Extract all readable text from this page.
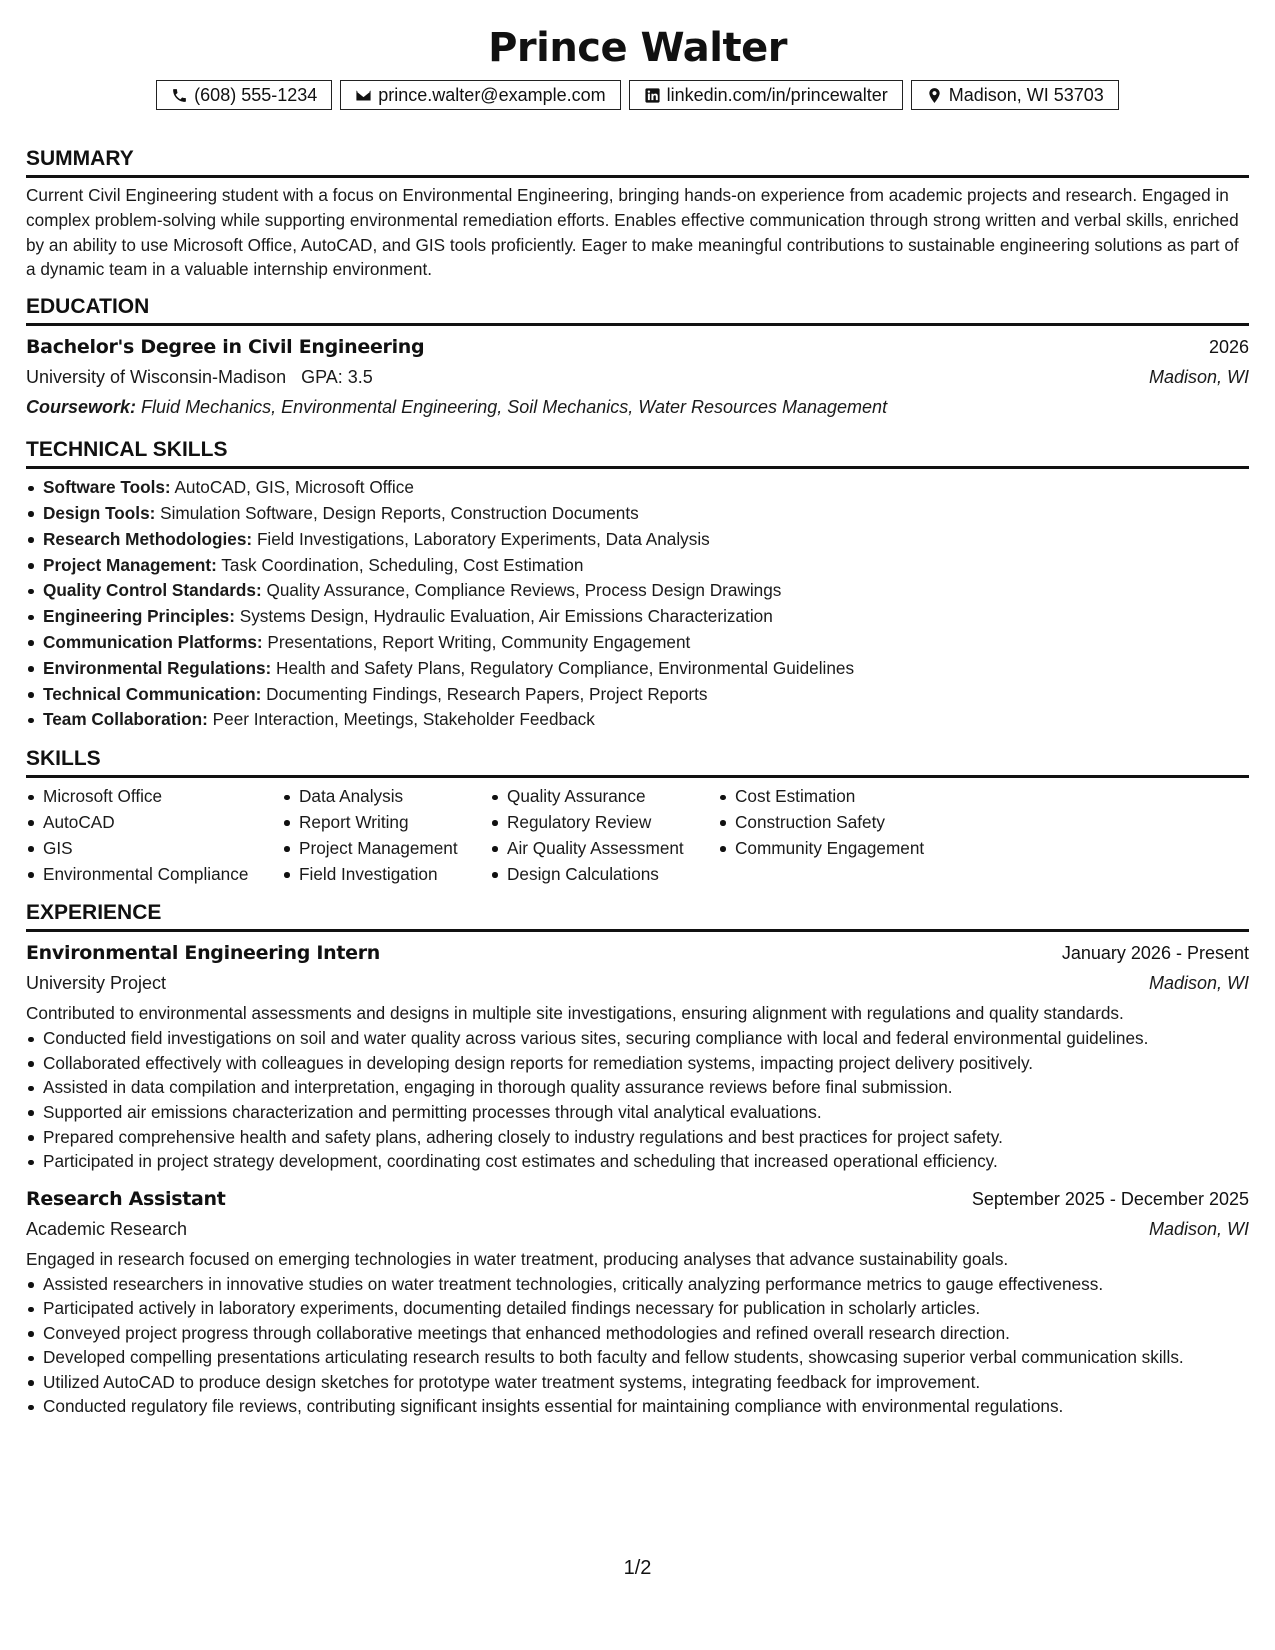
Prince Walter
(608) 555-1234	prince.walter@example.com	linkedin.com/in/princewalter	Madison, WI 53703
SUMMARY
Current Civil Engineering student with a focus on Environmental Engineering, bringing hands-on experience from academic projects and research. Engaged in complex problem-solving while supporting environmental remediation efforts. Enables effective communication through strong written and verbal skills, enriched by an ability to use Microsoft Office, AutoCAD, and GIS tools proficiently. Eager to make meaningful contributions to sustainable engineering solutions as part of a dynamic team in a valuable internship environment.
EDUCATION
Bachelor's Degree in Civil Engineering	2026
University of Wisconsin-Madison GPA: 3.5	Madison, WI
Coursework: Fluid Mechanics, Environmental Engineering, Soil Mechanics, Water Resources Management
TECHNICAL SKILLS
Software Tools: AutoCAD, GIS, Microsoft Office
Design Tools: Simulation Software, Design Reports, Construction Documents
Research Methodologies: Field Investigations, Laboratory Experiments, Data Analysis
Project Management: Task Coordination, Scheduling, Cost Estimation
Quality Control Standards: Quality Assurance, Compliance Reviews, Process Design Drawings
Engineering Principles: Systems Design, Hydraulic Evaluation, Air Emissions Characterization
Communication Platforms: Presentations, Report Writing, Community Engagement
Environmental Regulations: Health and Safety Plans, Regulatory Compliance, Environmental Guidelines
Technical Communication: Documenting Findings, Research Papers, Project Reports
Team Collaboration: Peer Interaction, Meetings, Stakeholder Feedback
SKILLS
Microsoft Office
AutoCAD
GIS
Environmental Compliance
Data Analysis
Report Writing
Project Management
Field Investigation
Quality Assurance
Regulatory Review
Air Quality Assessment
Design Calculations
Cost Estimation
Construction Safety
Community Engagement
EXPERIENCE
Environmental Engineering Intern	January 2026 - Present
University Project	Madison, WI
Contributed to environmental assessments and designs in multiple site investigations, ensuring alignment with regulations and quality standards.
Conducted field investigations on soil and water quality across various sites, securing compliance with local and federal environmental guidelines.
Collaborated effectively with colleagues in developing design reports for remediation systems, impacting project delivery positively.
Assisted in data compilation and interpretation, engaging in thorough quality assurance reviews before final submission.
Supported air emissions characterization and permitting processes through vital analytical evaluations.
Prepared comprehensive health and safety plans, adhering closely to industry regulations and best practices for project safety.
Participated in project strategy development, coordinating cost estimates and scheduling that increased operational efficiency.
Research Assistant	September 2025 - December 2025
Academic Research	Madison, WI
Engaged in research focused on emerging technologies in water treatment, producing analyses that advance sustainability goals.
Assisted researchers in innovative studies on water treatment technologies, critically analyzing performance metrics to gauge effectiveness.
Participated actively in laboratory experiments, documenting detailed findings necessary for publication in scholarly articles.
Conveyed project progress through collaborative meetings that enhanced methodologies and refined overall research direction.
Developed compelling presentations articulating research results to both faculty and fellow students, showcasing superior verbal communication skills.
Utilized AutoCAD to produce design sketches for prototype water treatment systems, integrating feedback for improvement.
Conducted regulatory file reviews, contributing significant insights essential for maintaining compliance with environmental regulations.
1/2
